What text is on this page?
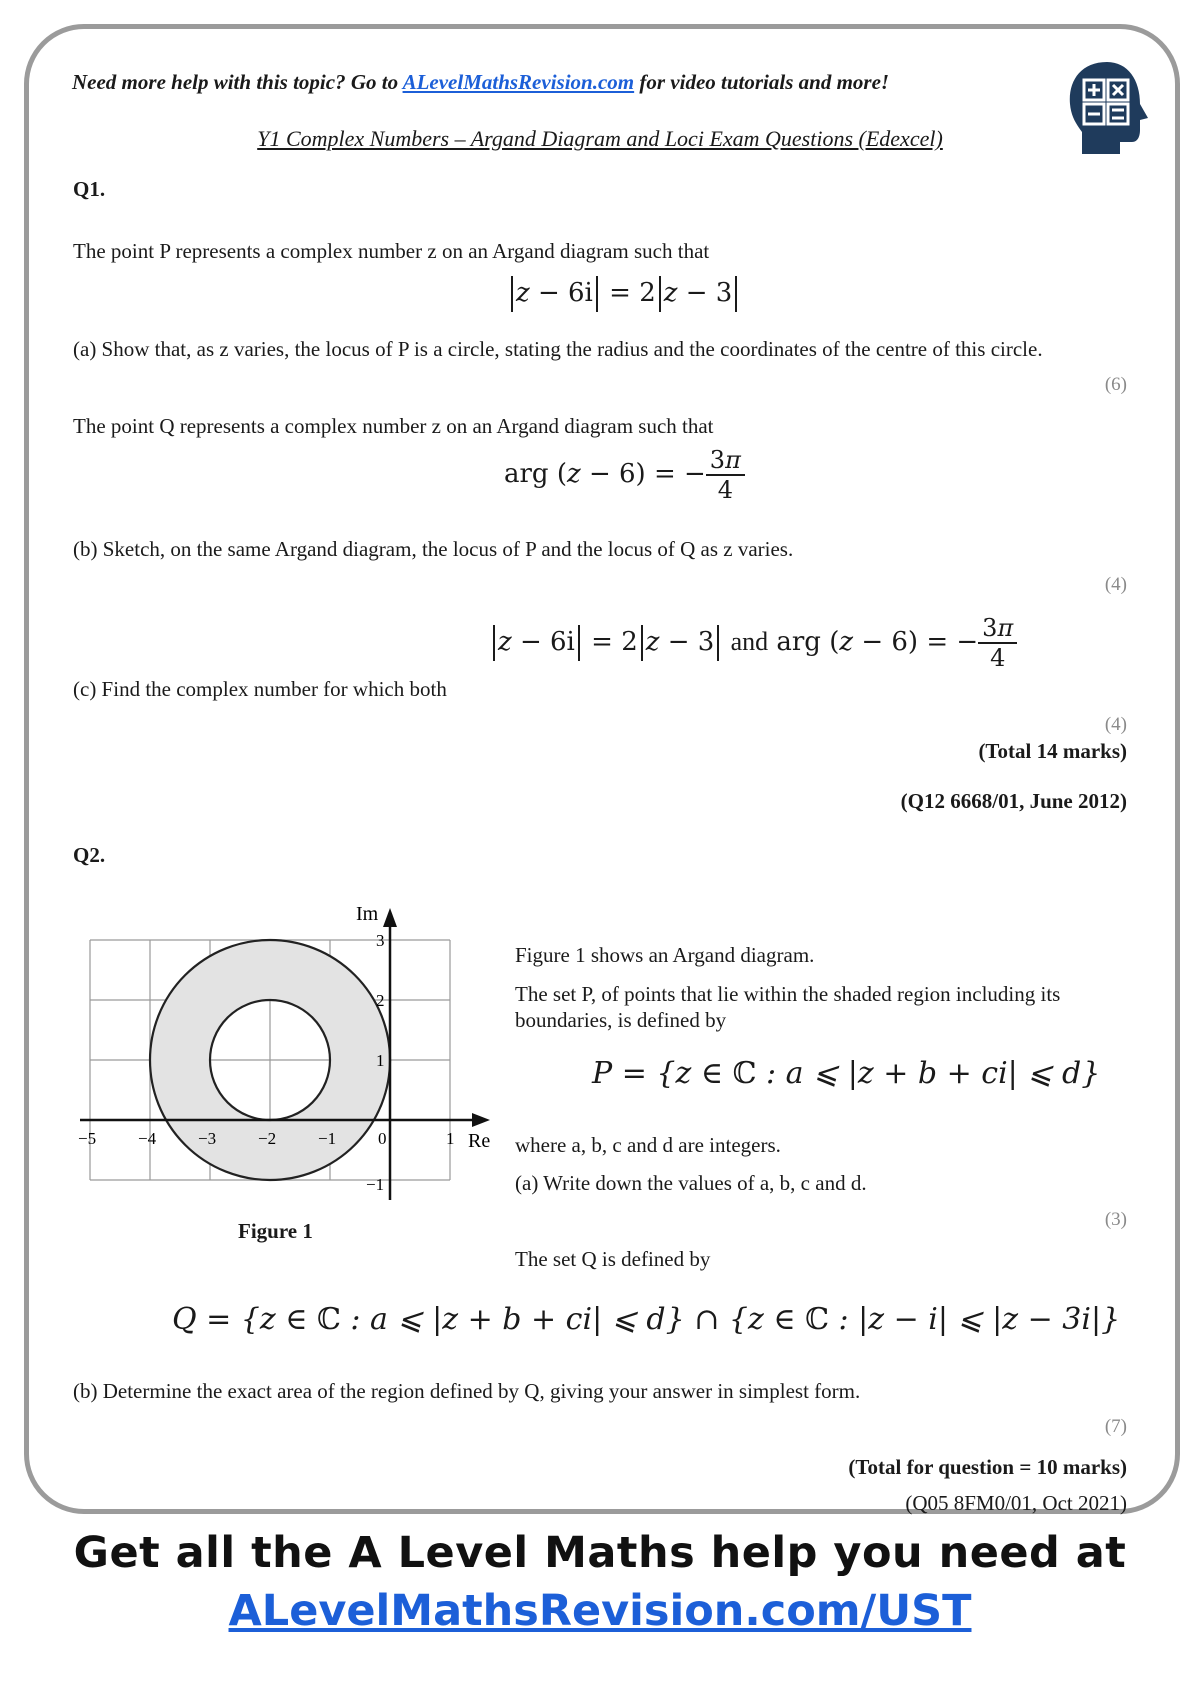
Need more help with this topic? Go to ALevelMathsRevision.com for video tutorials and more!
Y1 Complex Numbers – Argand Diagram and Loci Exam Questions (Edexcel)
Q1.
The point P represents a complex number z on an Argand diagram such that
z − 6i = 2 z − 3
(a) Show that, as z varies, the locus of P is a circle, stating the radius and the coordinates of the centre of this circle.
(6)
The point Q represents a complex number z on an Argand diagram such that
arg (z − 6) = − $\frac{3\pi}{4}$
(b) Sketch, on the same Argand diagram, the locus of P and the locus of Q as z varies.
(4)
z − 6i = 2 z − 3 and arg (z − 6) = − $\frac{3\pi}{4}$
(c) Find the complex number for which both
(4)
(Total 14 marks)
(Q12 6668/01, June 2012)
Q2.
Im
Re
−5 −4 −3 −2 −1 0	1
3
2
1
−1
Figure 1
Figure 1 shows an Argand diagram.
The set P, of points that lie within the shaded region including its
boundaries, is defined by
P = {z ∈ ℂ : a ⩽ |z + b + ci| ⩽ d}
where a, b, c and d are integers.
(a) Write down the values of a, b, c and d.
(3)
The set Q is defined by
Q = {z ∈ ℂ : a ⩽ |z + b + ci| ⩽ d} ∩ {z ∈ ℂ : |z − i| ⩽ |z − 3i|}
(b) Determine the exact area of the region defined by Q, giving your answer in simplest form.
(7)
(Total for question = 10 marks)
(Q05 8FM0/01, Oct 2021)
Get all the A Level Maths help you need at
ALevelMathsRevision.com/UST
